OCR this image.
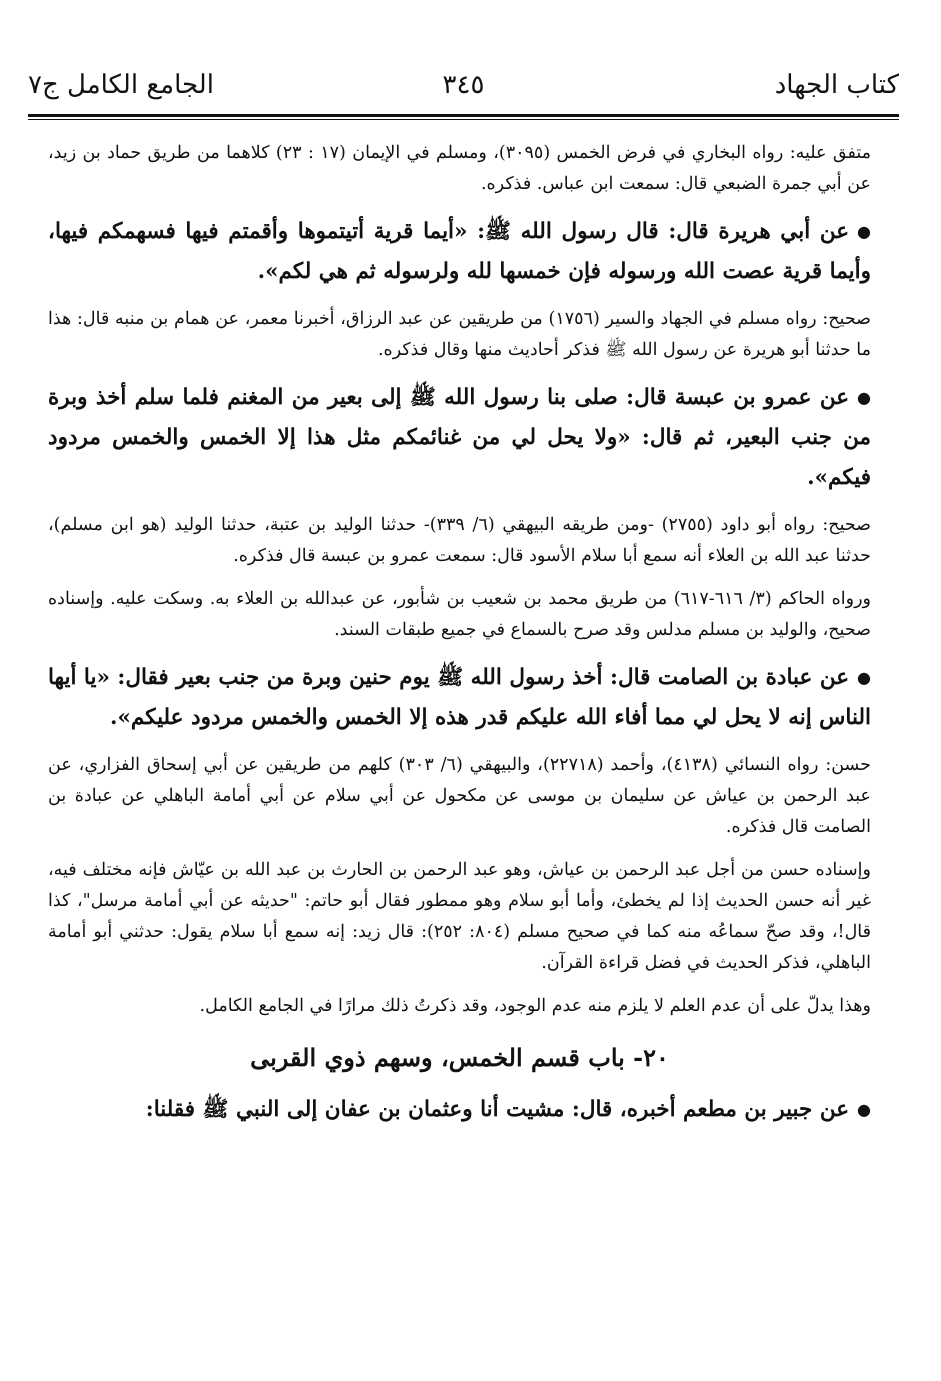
كتاب الجهاد
٣٤٥
الجامع الكامل ج٧

متفق عليه: رواه البخاري في فرض الخمس (٣٠٩٥)، ومسلم في الإيمان (١٧ : ٢٣) كلاهما من طريق حماد بن زيد، عن أبي جمرة الضبعي قال: سمعت ابن عباس. فذكره.

●عن أبي هريرة قال: قال رسول الله ﷺ: «أيما قرية أتيتموها وأقمتم فيها فسهمكم فيها، وأيما قرية عصت الله ورسوله فإن خمسها لله ولرسوله ثم هي لكم».

صحيح: رواه مسلم في الجهاد والسير (١٧٥٦) من طريقين عن عبد الرزاق، أخبرنا معمر، عن همام بن منبه قال: هذا ما حدثنا أبو هريرة عن رسول الله ﷺ فذكر أحاديث منها وقال فذكره.

●عن عمرو بن عبسة قال: صلى بنا رسول الله ﷺ إلى بعير من المغنم فلما سلم أخذ وبرة من جنب البعير، ثم قال: «ولا يحل لي من غنائمكم مثل هذا إلا الخمس والخمس مردود فيكم».

صحيح: رواه أبو داود (٢٧٥٥) -ومن طريقه البيهقي (٦/ ٣٣٩)- حدثنا الوليد بن عتبة، حدثنا الوليد (هو ابن مسلم)، حدثنا عبد الله بن العلاء أنه سمع أبا سلام الأسود قال: سمعت عمرو بن عبسة قال فذكره.

ورواه الحاكم (٣/ ٦١٦-٦١٧) من طريق محمد بن شعيب بن شأبور، عن عبدالله بن العلاء به. وسكت عليه. وإسناده صحيح، والوليد بن مسلم مدلس وقد صرح بالسماع في جميع طبقات السند.

●عن عبادة بن الصامت قال: أخذ رسول الله ﷺ يوم حنين وبرة من جنب بعير فقال: «يا أيها الناس إنه لا يحل لي مما أفاء الله عليكم قدر هذه إلا الخمس والخمس مردود عليكم».

حسن: رواه النسائي (٤١٣٨)، وأحمد (٢٢٧١٨)، والبيهقي (٦/ ٣٠٣) كلهم من طريقين عن أبي إسحاق الفزاري، عن عبد الرحمن بن عياش عن سليمان بن موسى عن مكحول عن أبي سلام عن أبي أمامة الباهلي عن عبادة بن الصامت قال فذكره.

وإسناده حسن من أجل عبد الرحمن بن عياش، وهو عبد الرحمن بن الحارث بن عبد الله بن عيّاش فإنه مختلف فيه، غير أنه حسن الحديث إذا لم يخطئ، وأما أبو سلام وهو ممطور فقال أبو حاتم: "حديثه عن أبي أمامة مرسل"، كذا قال!، وقد صحّ سماعُه منه كما في صحيح مسلم (٨٠٤: ٢٥٢): قال زيد: إنه سمع أبا سلام يقول: حدثني أبو أمامة الباهلي، فذكر الحديث في فضل قراءة القرآن.

وهذا يدلّ على أن عدم العلم لا يلزم منه عدم الوجود، وقد ذكرتُ ذلك مرارًا في الجامع الكامل.

٢٠- باب قسم الخمس، وسهم ذوي القربى

●عن جبير بن مطعم أخبره، قال: مشيت أنا وعثمان بن عفان إلى النبي ﷺ فقلنا:
